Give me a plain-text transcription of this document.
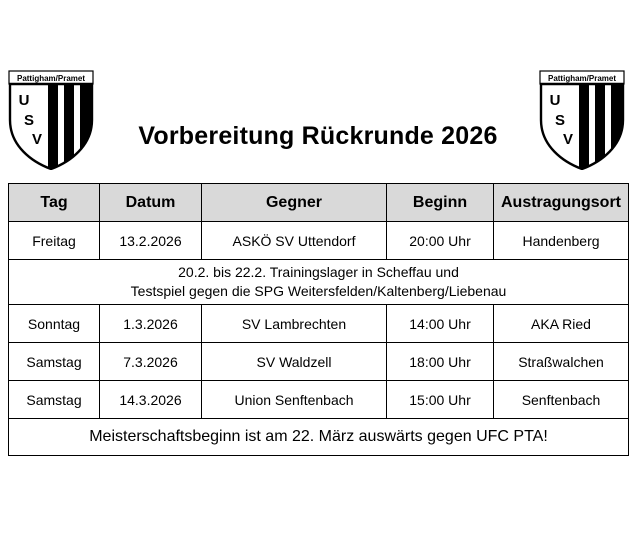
Pattigham/Pramet
U
S
V
Pattigham/Pramet
U
S
V
Vorbereitung Rückrunde 2026
Tag	Datum	Gegner	Beginn	Austragungsort
Freitag	13.2.2026	ASKÖ SV Uttendorf	20:00 Uhr	Handenberg
20.2. bis 22.2. Trainingslager in Scheffau und
Testspiel gegen die SPG Weitersfelden/Kaltenberg/Liebenau				
Sonntag	1.3.2026	SV Lambrechten	14:00 Uhr	AKA Ried
Samstag	7.3.2026	SV Waldzell	18:00 Uhr	Straßwalchen
Samstag	14.3.2026	Union Senftenbach	15:00 Uhr	Senftenbach
Meisterschaftsbeginn ist am 22. März auswärts gegen UFC PTA!				
